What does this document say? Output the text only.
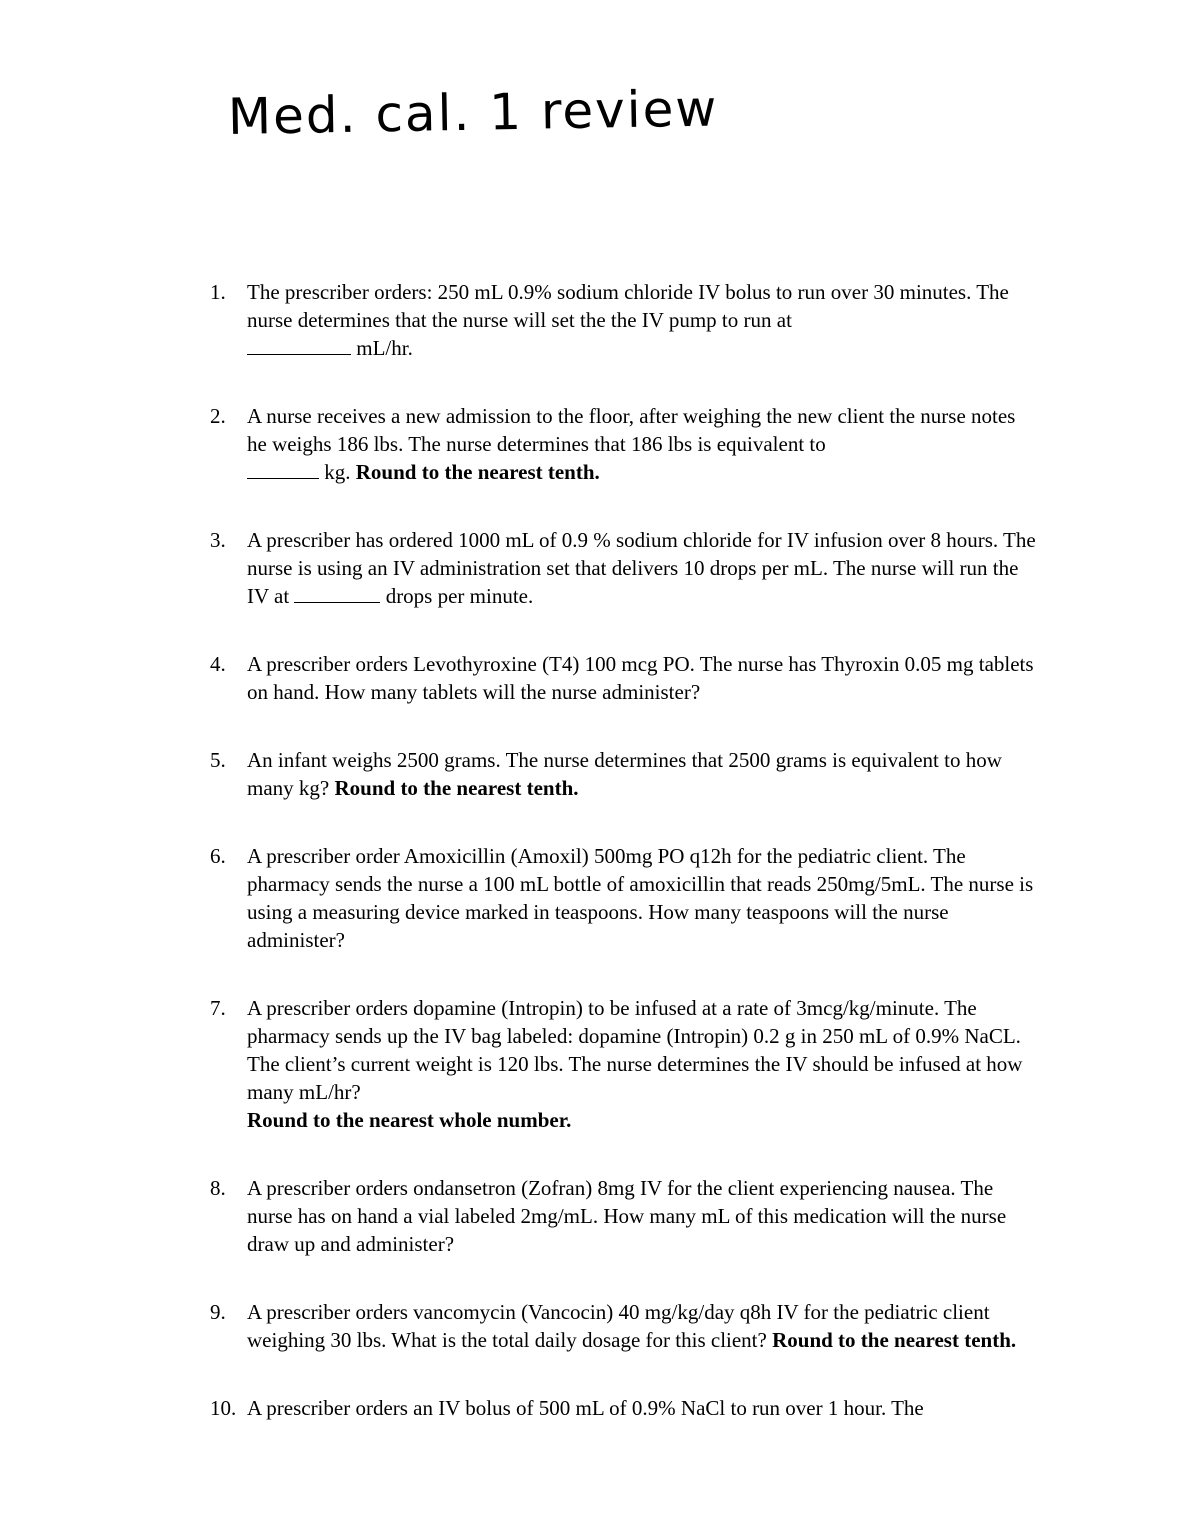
Med. cal. 1 review
1. The prescriber orders: 250 mL 0.9% sodium chloride IV bolus to run over 30 minutes. The nurse determines that the nurse will set the the IV pump to run at
mL/hr.
2. A nurse receives a new admission to the floor, after weighing the new client the nurse notes he weighs 186 lbs. The nurse determines that 186 lbs is equivalent to
kg. Round to the nearest tenth.
3. A prescriber has ordered 1000 mL of 0.9 % sodium chloride for IV infusion over 8 hours. The nurse is using an IV administration set that delivers 10 drops per mL. The nurse will run the IV at	drops per minute.
4. A prescriber orders Levothyroxine (T4) 100 mcg PO. The nurse has Thyroxin 0.05 mg tablets on hand. How many tablets will the nurse administer?
5. An infant weighs 2500 grams. The nurse determines that 2500 grams is equivalent to how many kg? Round to the nearest tenth.
6. A prescriber order Amoxicillin (Amoxil) 500mg PO q12h for the pediatric client. The pharmacy sends the nurse a 100 mL bottle of amoxicillin that reads 250mg/5mL. The nurse is using a measuring device marked in teaspoons. How many teaspoons will the nurse administer?
7. A prescriber orders dopamine (Intropin) to be infused at a rate of 3mcg/kg/minute. The pharmacy sends up the IV bag labeled: dopamine (Intropin) 0.2 g in 250 mL of 0.9% NaCL. The client’s current weight is 120 lbs. The nurse determines the IV should be infused at how many mL/hr?
Round to the nearest whole number.
8. A prescriber orders ondansetron (Zofran) 8mg IV for the client experiencing nausea. The nurse has on hand a vial labeled 2mg/mL. How many mL of this medication will the nurse draw up and administer?
9. A prescriber orders vancomycin (Vancocin) 40 mg/kg/day q8h IV for the pediatric client weighing 30 lbs. What is the total daily dosage for this client? Round to the nearest tenth.
10. A prescriber orders an IV bolus of 500 mL of 0.9% NaCl to run over 1 hour. The
